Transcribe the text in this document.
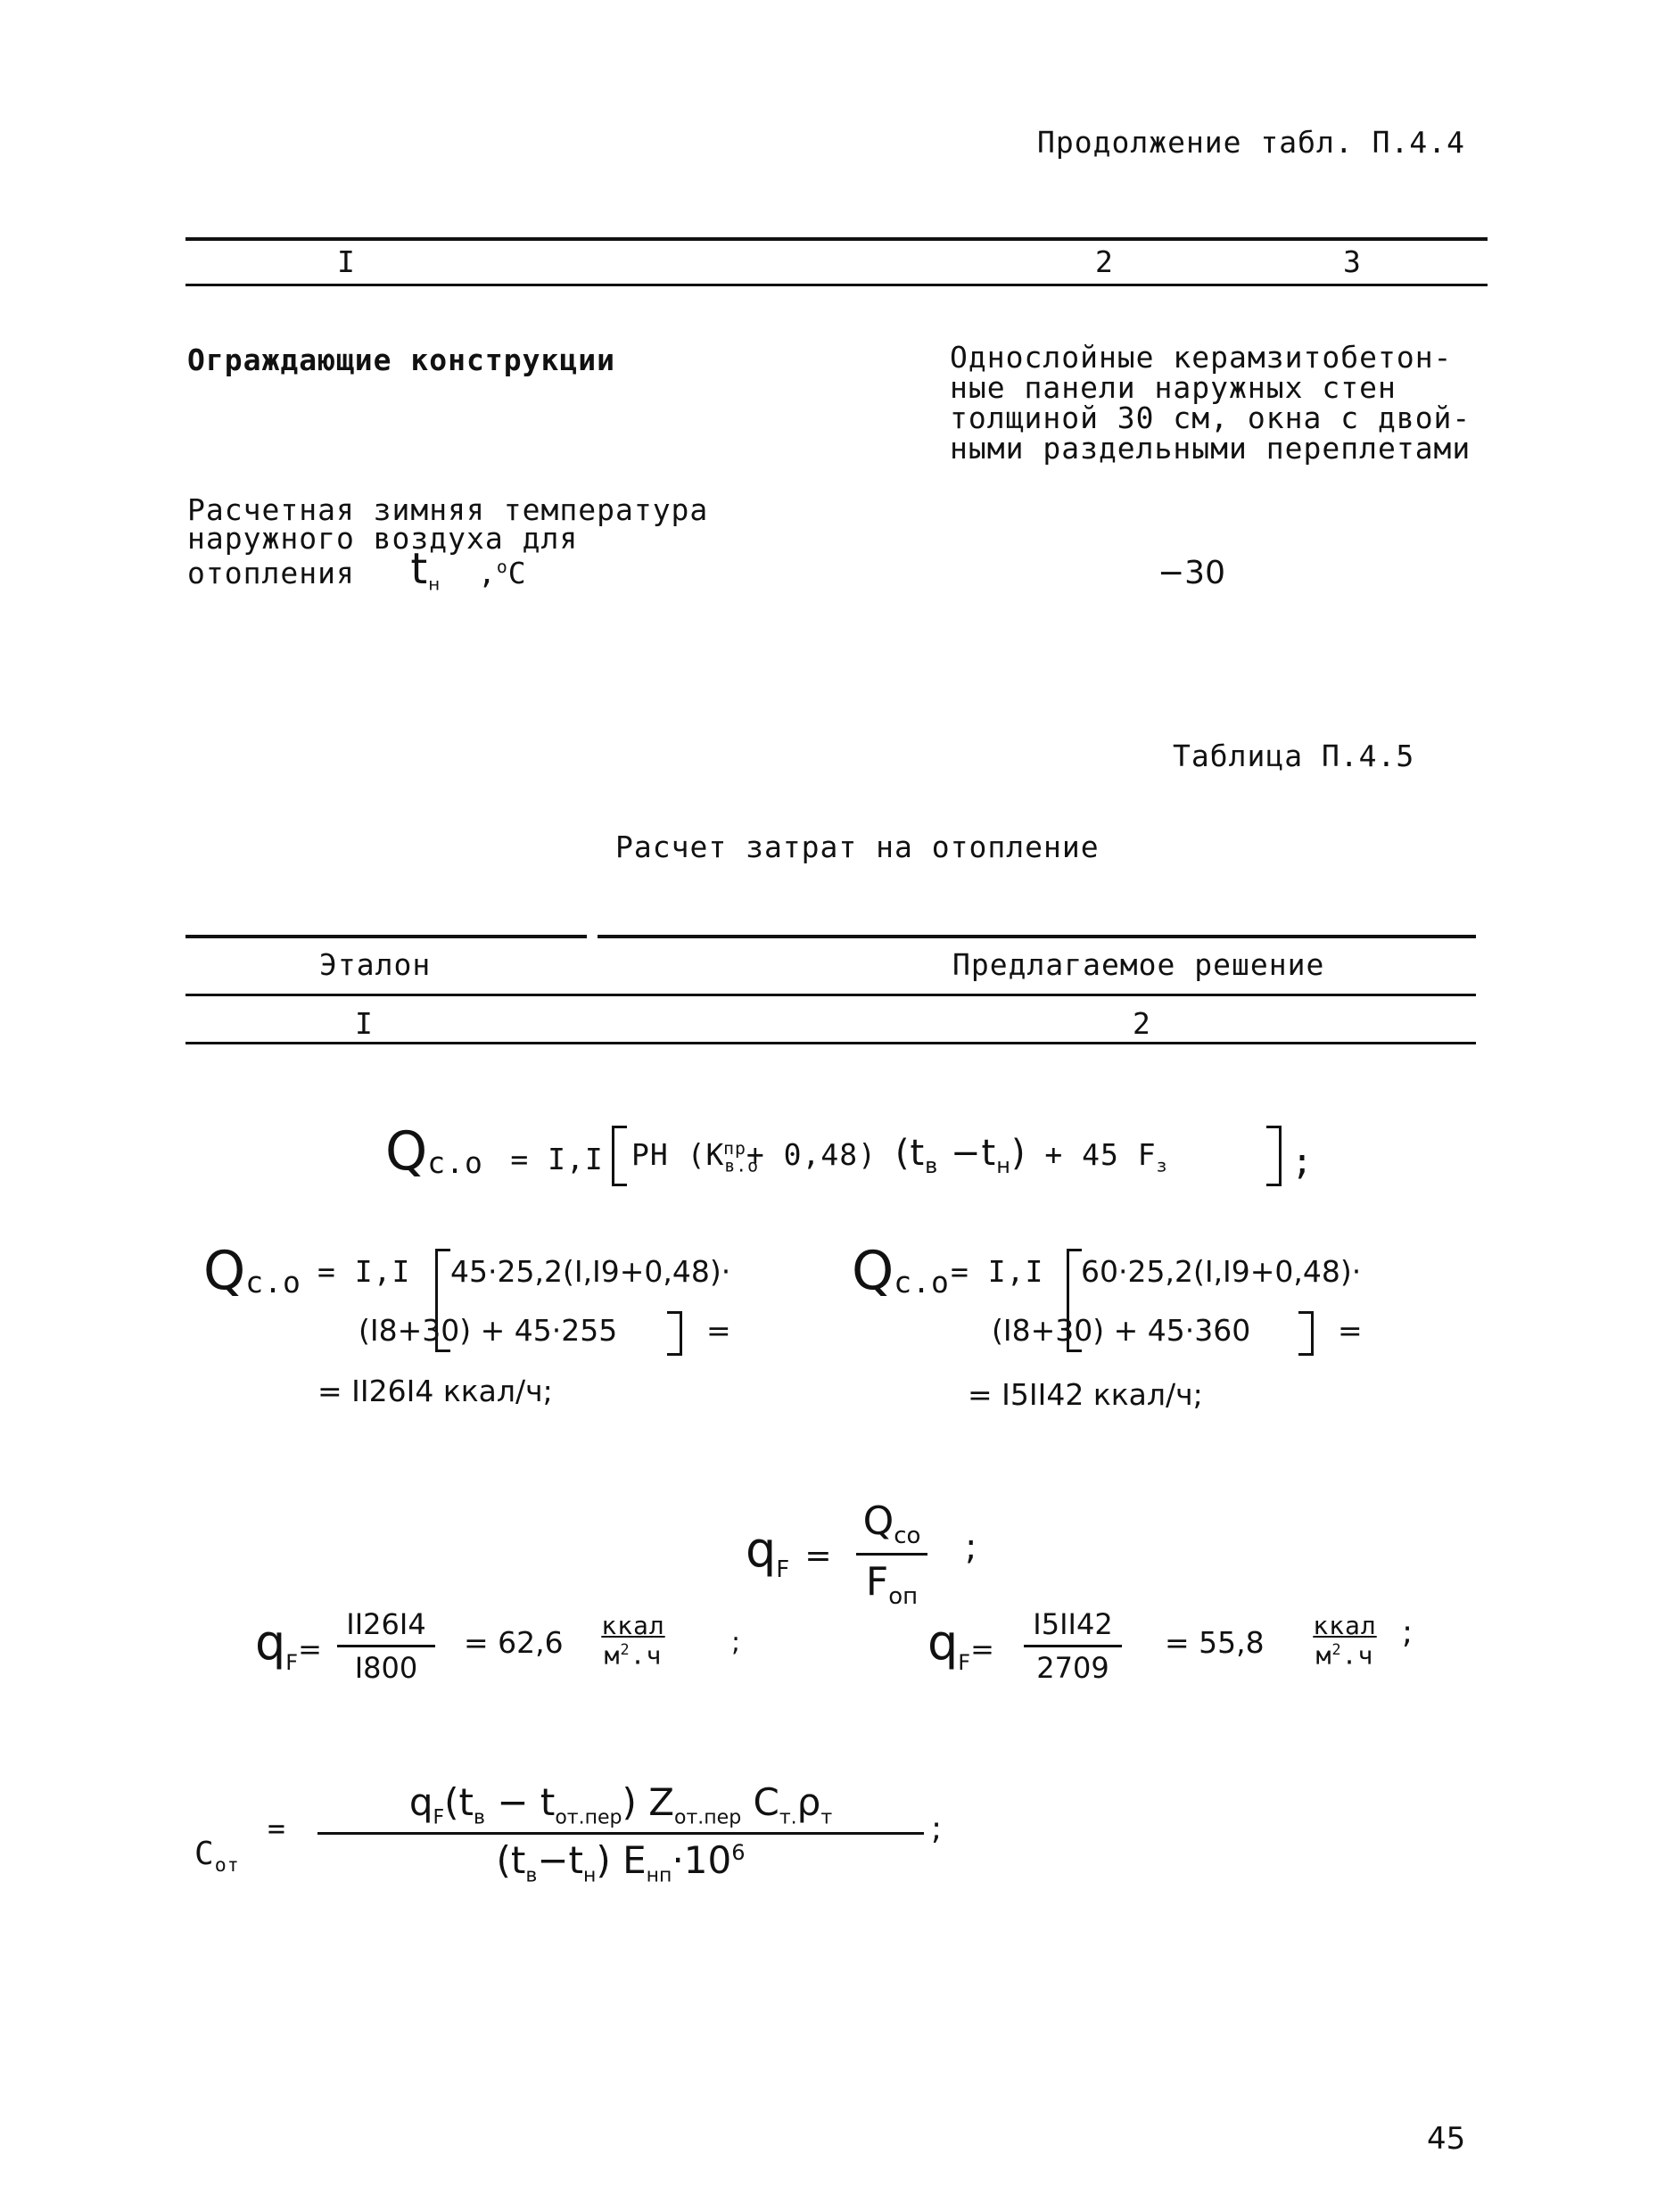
Продолжение табл. П.4.4
I	2	3
Ограждающие конструкции	Однослойные керамзитобетон-
ные панели наружных стен
толщиной 30 см, окна с двой-
ными раздельными переплетами
Расчетная зимняя температура
наружного воздуха для
отопления $t_н$ ,$^o$C	−30
Таблица П.4.5
Расчет затрат на отопление
Эталон	Предлагаемое решение
I	2
$Q_{с.о} = I,I$ РН $(К_{в.о}^{пр}+ 0,48)$ $(t_в -t_н) + 45$ $F_з$	;
$Q_{с.о} = I,I$ 45·25,2(I,I9+0,48)·
(I8+30) + 45·255	=
= II26I4 ккал/ч;
$Q_{с.о} = I,I$ 60·25,2(I,I9+0,48)·
(I8+30) + 45·360	=
= I5II42 ккал/ч;
$q_F$ =
$Q_{со}$
$F_{оп}$
;
$q_F=$
II26I4
I800
= 62,6 ккал
$м^2.ч$	;	$q_F=$
I5II42
2709
= 55,8 ккал
$м^2.ч$
;
$С_{от}$
=
$q_F(t_в - t_{от.пер})$ $Z_{от.пер}$ $С_{т.}\rho_т$
$(t_в-t_н)$ $E_{нп}\cdot 10^6$
;
45
